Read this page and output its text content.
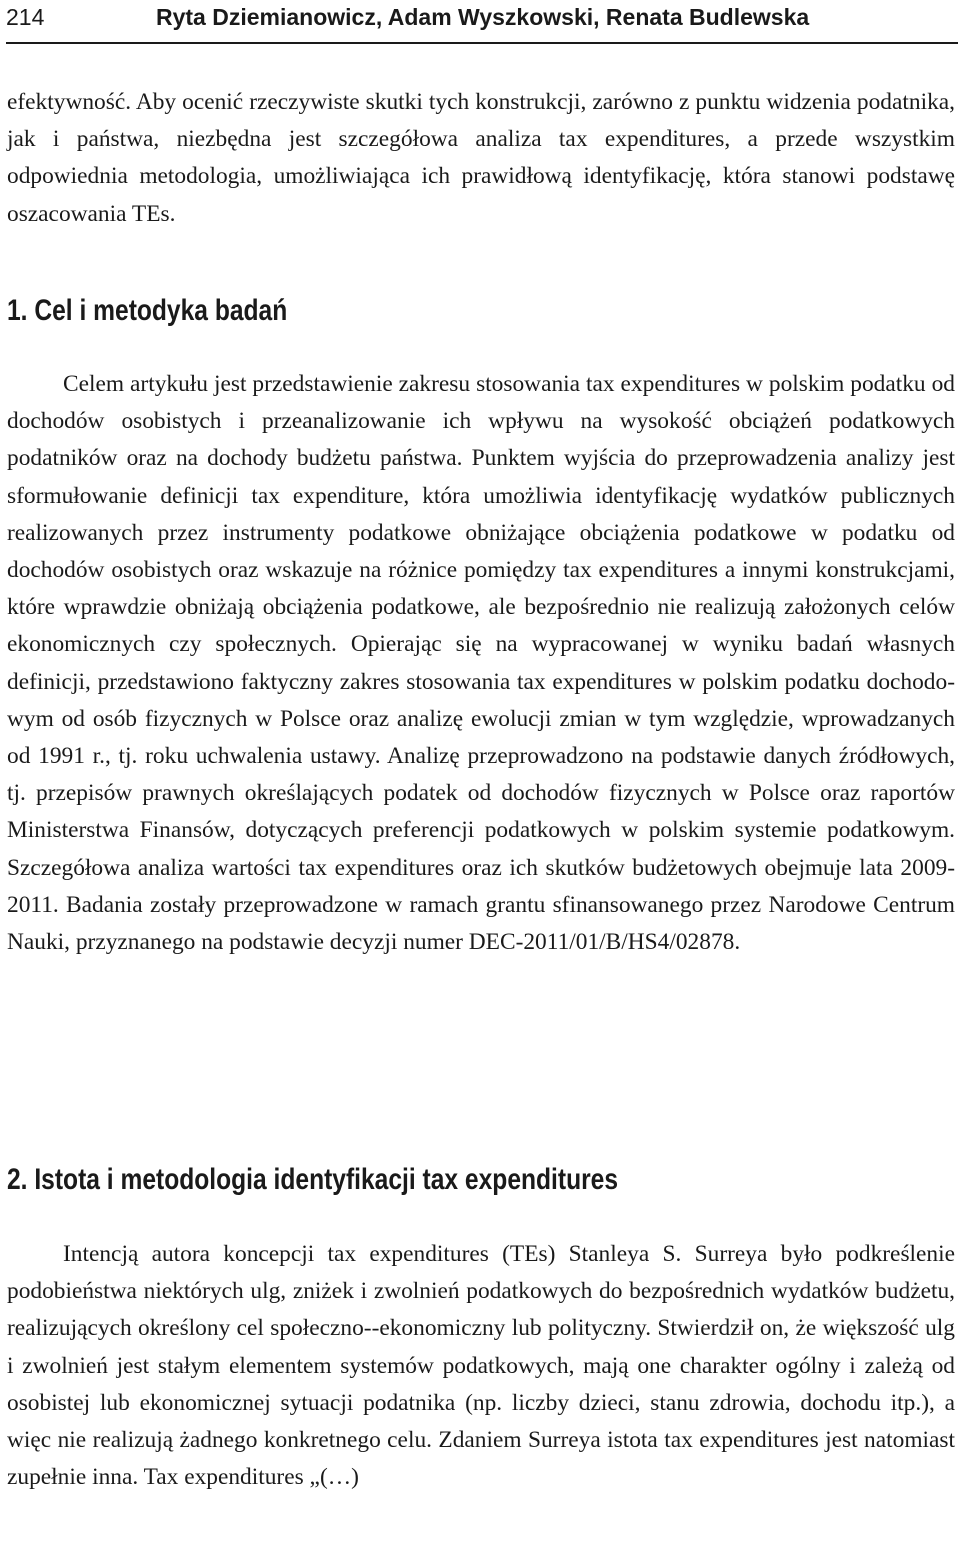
214	Ryta Dziemianowicz, Adam Wyszkowski, Renata Budlewska

efektywność. Aby ocenić rzeczywiste skutki tych konstrukcji, zarówno z punktu widzenia podatnika, jak i państwa, niezbędna jest szczegółowa analiza tax expenditures, a przede wszystkim odpowiednia metodologia, umożliwiająca ich prawidłową identyfikację, która stanowi podstawę oszacowania TEs.

1. Cel i metodyka badań

Celem artykułu jest przedstawienie zakresu stosowania tax expenditures w polskim podatku od dochodów osobistych i przeanalizowanie ich wpływu na wysokość obciążeń podatkowych podatników oraz na dochody budżetu państwa. Punktem wyjścia do przeprowadzenia analizy jest sformułowanie definicji tax expenditure, która umożliwia identyfikację wydatków publicznych realizowanych przez instrumenty podatkowe obniżające obciążenia podatkowe w podatku od dochodów osobistych oraz wskazuje na różnice pomiędzy tax expenditures a innymi konstrukcjami, które wprawdzie obniżają obciążenia podatkowe, ale bezpośrednio nie realizują założonych celów ekonomicznych czy społecznych. Opierając się na wypracowanej w wyniku badań własnych definicji, przedstawiono faktyczny zakres stosowania tax expenditures w polskim podatku dochodowym od osób fizycznych w Polsce oraz analizę ewolucji zmian w tym względzie, wprowadzanych od 1991 r., tj. roku uchwalenia ustawy. Analizę przeprowadzono na podstawie danych źródłowych, tj. przepisów prawnych określających podatek od dochodów fizycznych w Polsce oraz raportów Ministerstwa Finansów, dotyczących preferencji podatkowych w polskim systemie podatkowym. Szczegółowa analiza wartości tax expenditures oraz ich skutków budżetowych obejmuje lata 2009-2011. Badania zostały przeprowadzone w ramach grantu sfinansowanego przez Narodowe Centrum Nauki, przyznanego na podstawie decyzji numer DEC-2011/01/B/HS4/02878.

2. Istota i metodologia identyfikacji tax expenditures

Intencją autora koncepcji tax expenditures (TEs) Stanleya S. Surreya było podkreślenie podobieństwa niektórych ulg, zniżek i zwolnień podatkowych do bezpośrednich wydatków budżetu, realizujących określony cel społeczno--ekonomiczny lub polityczny. Stwierdził on, że większość ulg i zwolnień jest stałym elementem systemów podatkowych, mają one charakter ogólny i zależą od osobistej lub ekonomicznej sytuacji podatnika (np. liczby dzieci, stanu zdrowia, dochodu itp.), a więc nie realizują żadnego konkretnego celu. Zdaniem Surreya istota tax expenditures jest natomiast zupełnie inna. Tax expenditures „(…)
